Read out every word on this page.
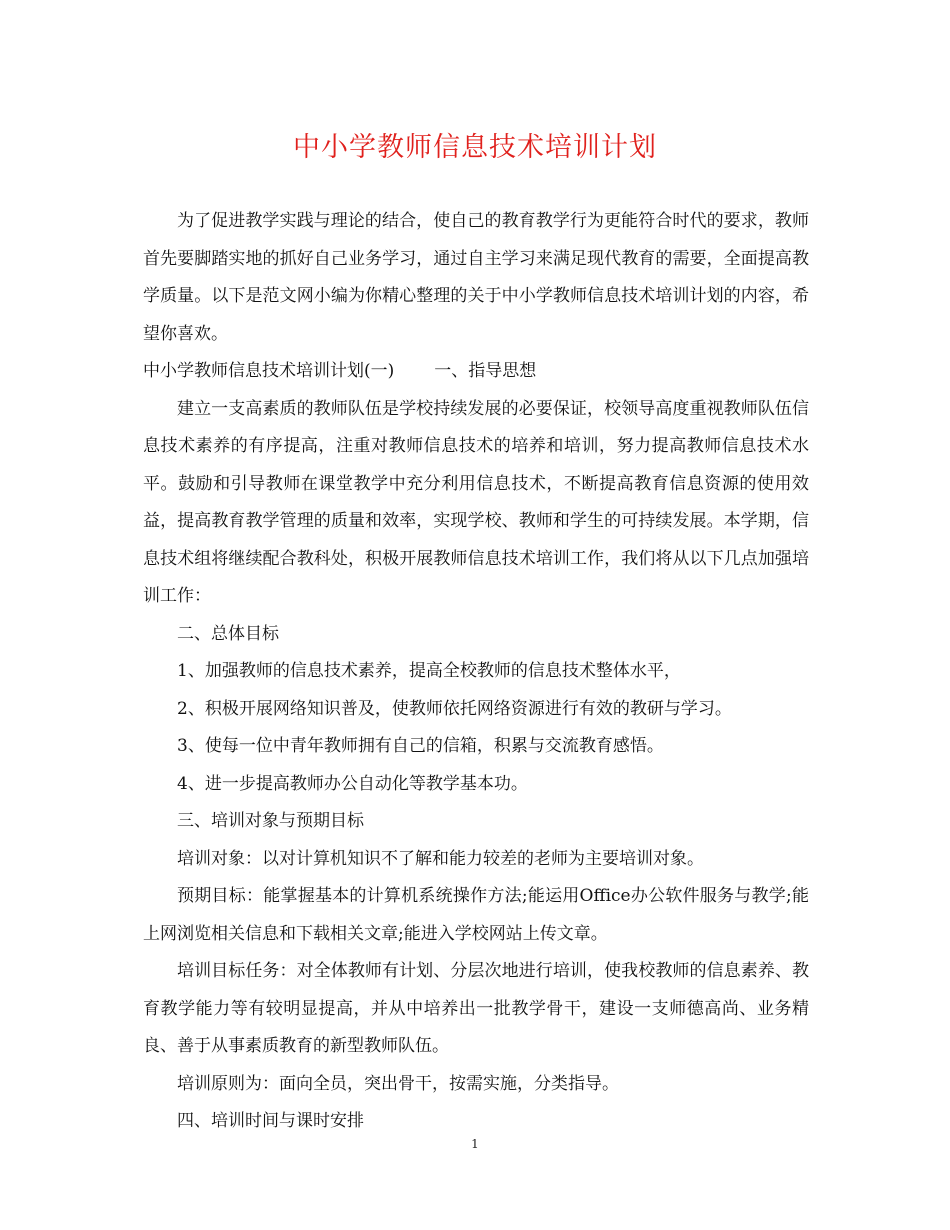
中小学教师信息技术培训计划

为了促进教学实践与理论的结合，使自己的教育教学行为更能符合时代的要求，教师首先要脚踏实地的抓好自己业务学习，通过自主学习来满足现代教育的需要，全面提高教学质量。以下是范文网小编为你精心整理的关于中小学教师信息技术培训计划的内容，希望你喜欢。

中小学教师信息技术培训计划(一) 一、指导思想

建立一支高素质的教师队伍是学校持续发展的必要保证，校领导高度重视教师队伍信息技术素养的有序提高，注重对教师信息技术的培养和培训，努力提高教师信息技术水平。鼓励和引导教师在课堂教学中充分利用信息技术，不断提高教育信息资源的使用效益，提高教育教学管理的质量和效率，实现学校、教师和学生的可持续发展。本学期，信息技术组将继续配合教科处，积极开展教师信息技术培训工作，我们将从以下几点加强培训工作：

二、总体目标

1、加强教师的信息技术素养，提高全校教师的信息技术整体水平，

2、积极开展网络知识普及，使教师依托网络资源进行有效的教研与学习。

3、使每一位中青年教师拥有自己的信箱，积累与交流教育感悟。

4、进一步提高教师办公自动化等教学基本功。

三、培训对象与预期目标

培训对象：以对计算机知识不了解和能力较差的老师为主要培训对象。

预期目标：能掌握基本的计算机系统操作方法;能运用Office办公软件服务与教学;能上网浏览相关信息和下载相关文章;能进入学校网站上传文章。

培训目标任务：对全体教师有计划、分层次地进行培训，使我校教师的信息素养、教育教学能力等有较明显提高，并从中培养出一批教学骨干，建设一支师德高尚、业务精良、善于从事素质教育的新型教师队伍。

培训原则为：面向全员，突出骨干，按需实施，分类指导。

四、培训时间与课时安排

1
